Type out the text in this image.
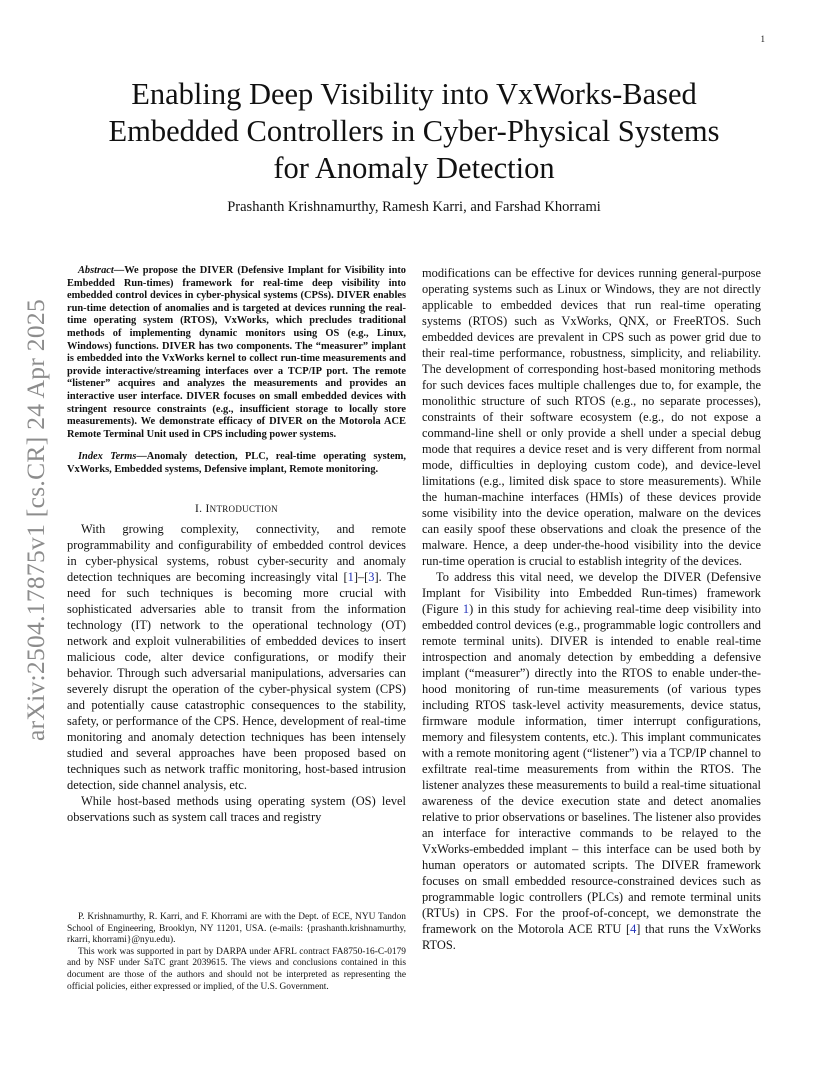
1
arXiv:2504.17875v1 [cs.CR] 24 Apr 2025
Enabling Deep Visibility into VxWorks-Based
Embedded Controllers in Cyber-Physical Systems
for Anomaly Detection
Prashanth Krishnamurthy, Ramesh Karri, and Farshad Khorrami
Abstract—We propose the DIVER (Defensive Implant for Visibility into Embedded Run-times) framework for real-time deep visibility into embedded control devices in cyber-physical systems (CPSs). DIVER enables run-time detection of anomalies and is targeted at devices running the real-time operating system (RTOS), VxWorks, which precludes traditional methods of implementing dynamic monitors using OS (e.g., Linux, Windows) functions. DIVER has two components. The “measurer” implant is embedded into the VxWorks kernel to collect run-time measurements and provide interactive/streaming interfaces over a TCP/IP port. The remote “listener” acquires and analyzes the measurements and provides an interactive user interface. DIVER focuses on small embedded devices with stringent resource constraints (e.g., insufficient storage to locally store measurements). We demonstrate efficacy of DIVER on the Motorola ACE Remote Terminal Unit used in CPS including power systems.
Index Terms—Anomaly detection, PLC, real-time operating system, VxWorks, Embedded systems, Defensive implant, Remote monitoring.
I. INTRODUCTION

With growing complexity, connectivity, and remote programmability and configurability of embedded control devices in cyber-physical systems, robust cyber-security and anomaly detection techniques are becoming increasingly vital [1]–[3]. The need for such techniques is becoming more crucial with sophisticated adversaries able to transit from the information technology (IT) network to the operational technology (OT) network and exploit vulnerabilities of embedded devices to insert malicious code, alter device configurations, or modify their behavior. Through such adversarial manipulations, adversaries can severely disrupt the operation of the cyber-physical system (CPS) and potentially cause catastrophic consequences to the stability, safety, or performance of the CPS. Hence, development of real-time monitoring and anomaly detection techniques has been intensely studied and several approaches have been proposed based on techniques such as network traffic monitoring, host-based intrusion detection, side channel analysis, etc.

While host-based methods using operating system (OS) level observations such as system call traces and registry

P. Krishnamurthy, R. Karri, and F. Khorrami are with the Dept. of ECE, NYU Tandon School of Engineering, Brooklyn, NY 11201, USA. (e-mails: {prashanth.krishnamurthy, rkarri, khorrami}@nyu.edu).

This work was supported in part by DARPA under AFRL contract FA8750-16-C-0179 and by NSF under SaTC grant 2039615. The views and conclusions contained in this document are those of the authors and should not be interpreted as representing the official policies, either expressed or implied, of the U.S. Government.

modifications can be effective for devices running general-purpose operating systems such as Linux or Windows, they are not directly applicable to embedded devices that run real-time operating systems (RTOS) such as VxWorks, QNX, or FreeRTOS. Such embedded devices are prevalent in CPS such as power grid due to their real-time performance, robustness, simplicity, and reliability. The development of corresponding host-based monitoring methods for such devices faces multiple challenges due to, for example, the monolithic structure of such RTOS (e.g., no separate processes), constraints of their software ecosystem (e.g., do not expose a command-line shell or only provide a shell under a special debug mode that requires a device reset and is very different from normal mode, difficulties in deploying custom code), and device-level limitations (e.g., limited disk space to store measurements). While the human-machine interfaces (HMIs) of these devices provide some visibility into the device operation, malware on the devices can easily spoof these observations and cloak the presence of the malware. Hence, a deep under-the-hood visibility into the device run-time operation is crucial to establish integrity of the devices.

To address this vital need, we develop the DIVER (Defensive Implant for Visibility into Embedded Run-times) framework (Figure 1) in this study for achieving real-time deep visibility into embedded control devices (e.g., programmable logic controllers and remote terminal units). DIVER is intended to enable real-time introspection and anomaly detection by embedding a defensive implant (“measurer”) directly into the RTOS to enable under-the-hood monitoring of run-time measurements (of various types including RTOS task-level activity measurements, device status, firmware module information, timer interrupt configurations, memory and filesystem contents, etc.). This implant communicates with a remote monitoring agent (“listener”) via a TCP/IP channel to exfiltrate real-time measurements from within the RTOS. The listener analyzes these measurements to build a real-time situational awareness of the device execution state and detect anomalies relative to prior observations or baselines. The listener also provides an interface for interactive commands to be relayed to the VxWorks-embedded implant – this interface can be used both by human operators or automated scripts. The DIVER framework focuses on small embedded resource-constrained devices such as programmable logic controllers (PLCs) and remote terminal units (RTUs) in CPS. For the proof-of-concept, we demonstrate the framework on the Motorola ACE RTU [4] that runs the VxWorks RTOS.
